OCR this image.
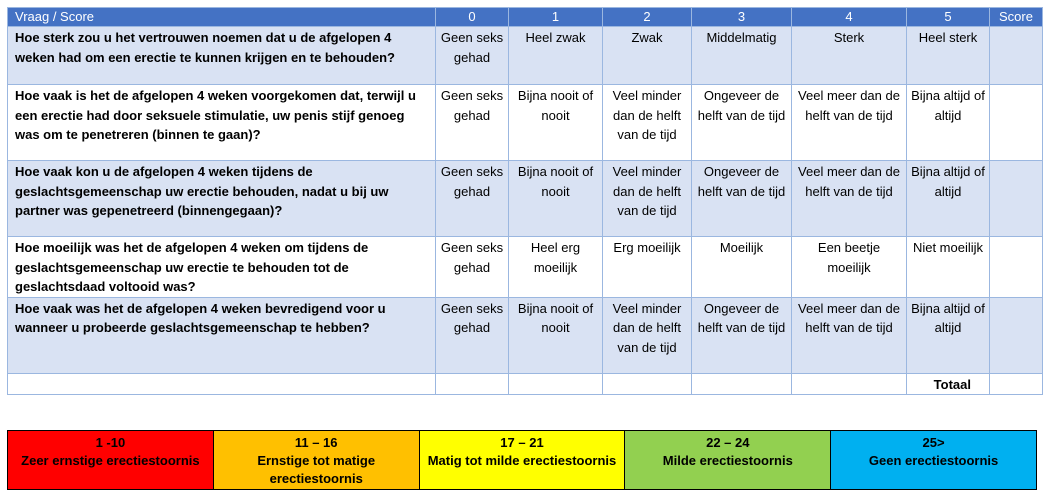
Vraag / Score	0	1	2	3	4	5	Score
Hoe sterk zou u het vertrouwen noemen dat u de afgelopen 4 weken had om een erectie te kunnen krijgen en te behouden?	Geen seks gehad	Heel zwak	Zwak	Middelmatig	Sterk	Heel sterk	
Hoe vaak is het de afgelopen 4 weken voorgekomen dat, terwijl u een erectie had door seksuele stimulatie, uw penis stijf genoeg was om te penetreren (binnen te gaan)?	Geen seks gehad	Bijna nooit of nooit	Veel minder dan de helft van de tijd	Ongeveer de helft van de tijd	Veel meer dan de helft van de tijd	Bijna altijd of altijd	
Hoe vaak kon u de afgelopen 4 weken tijdens de geslachtsgemeenschap uw erectie behouden, nadat u bij uw partner was gepenetreerd (binnengegaan)?	Geen seks gehad	Bijna nooit of nooit	Veel minder dan de helft van de tijd	Ongeveer de helft van de tijd	Veel meer dan de helft van de tijd	Bijna altijd of altijd	
Hoe moeilijk was het de afgelopen 4 weken om tijdens de geslachtsgemeenschap uw erectie te behouden tot de geslachtsdaad voltooid was?	Geen seks gehad	Heel erg moeilijk	Erg moeilijk	Moeilijk	Een beetje moeilijk	Niet moeilijk	
Hoe vaak was het de afgelopen 4 weken bevredigend voor u wanneer u probeerde geslachtsgemeenschap te hebben?	Geen seks gehad	Bijna nooit of nooit	Veel minder dan de helft van de tijd	Ongeveer de helft van de tijd	Veel meer dan de helft van de tijd	Bijna altijd of altijd	
						Totaal	
1 -10
Zeer ernstige erectiestoornis
11 – 16
Ernstige tot matige erectiestoornis
17 – 21
Matig tot milde erectiestoornis
22 – 24
Milde erectiestoornis
25>
Geen erectiestoornis
